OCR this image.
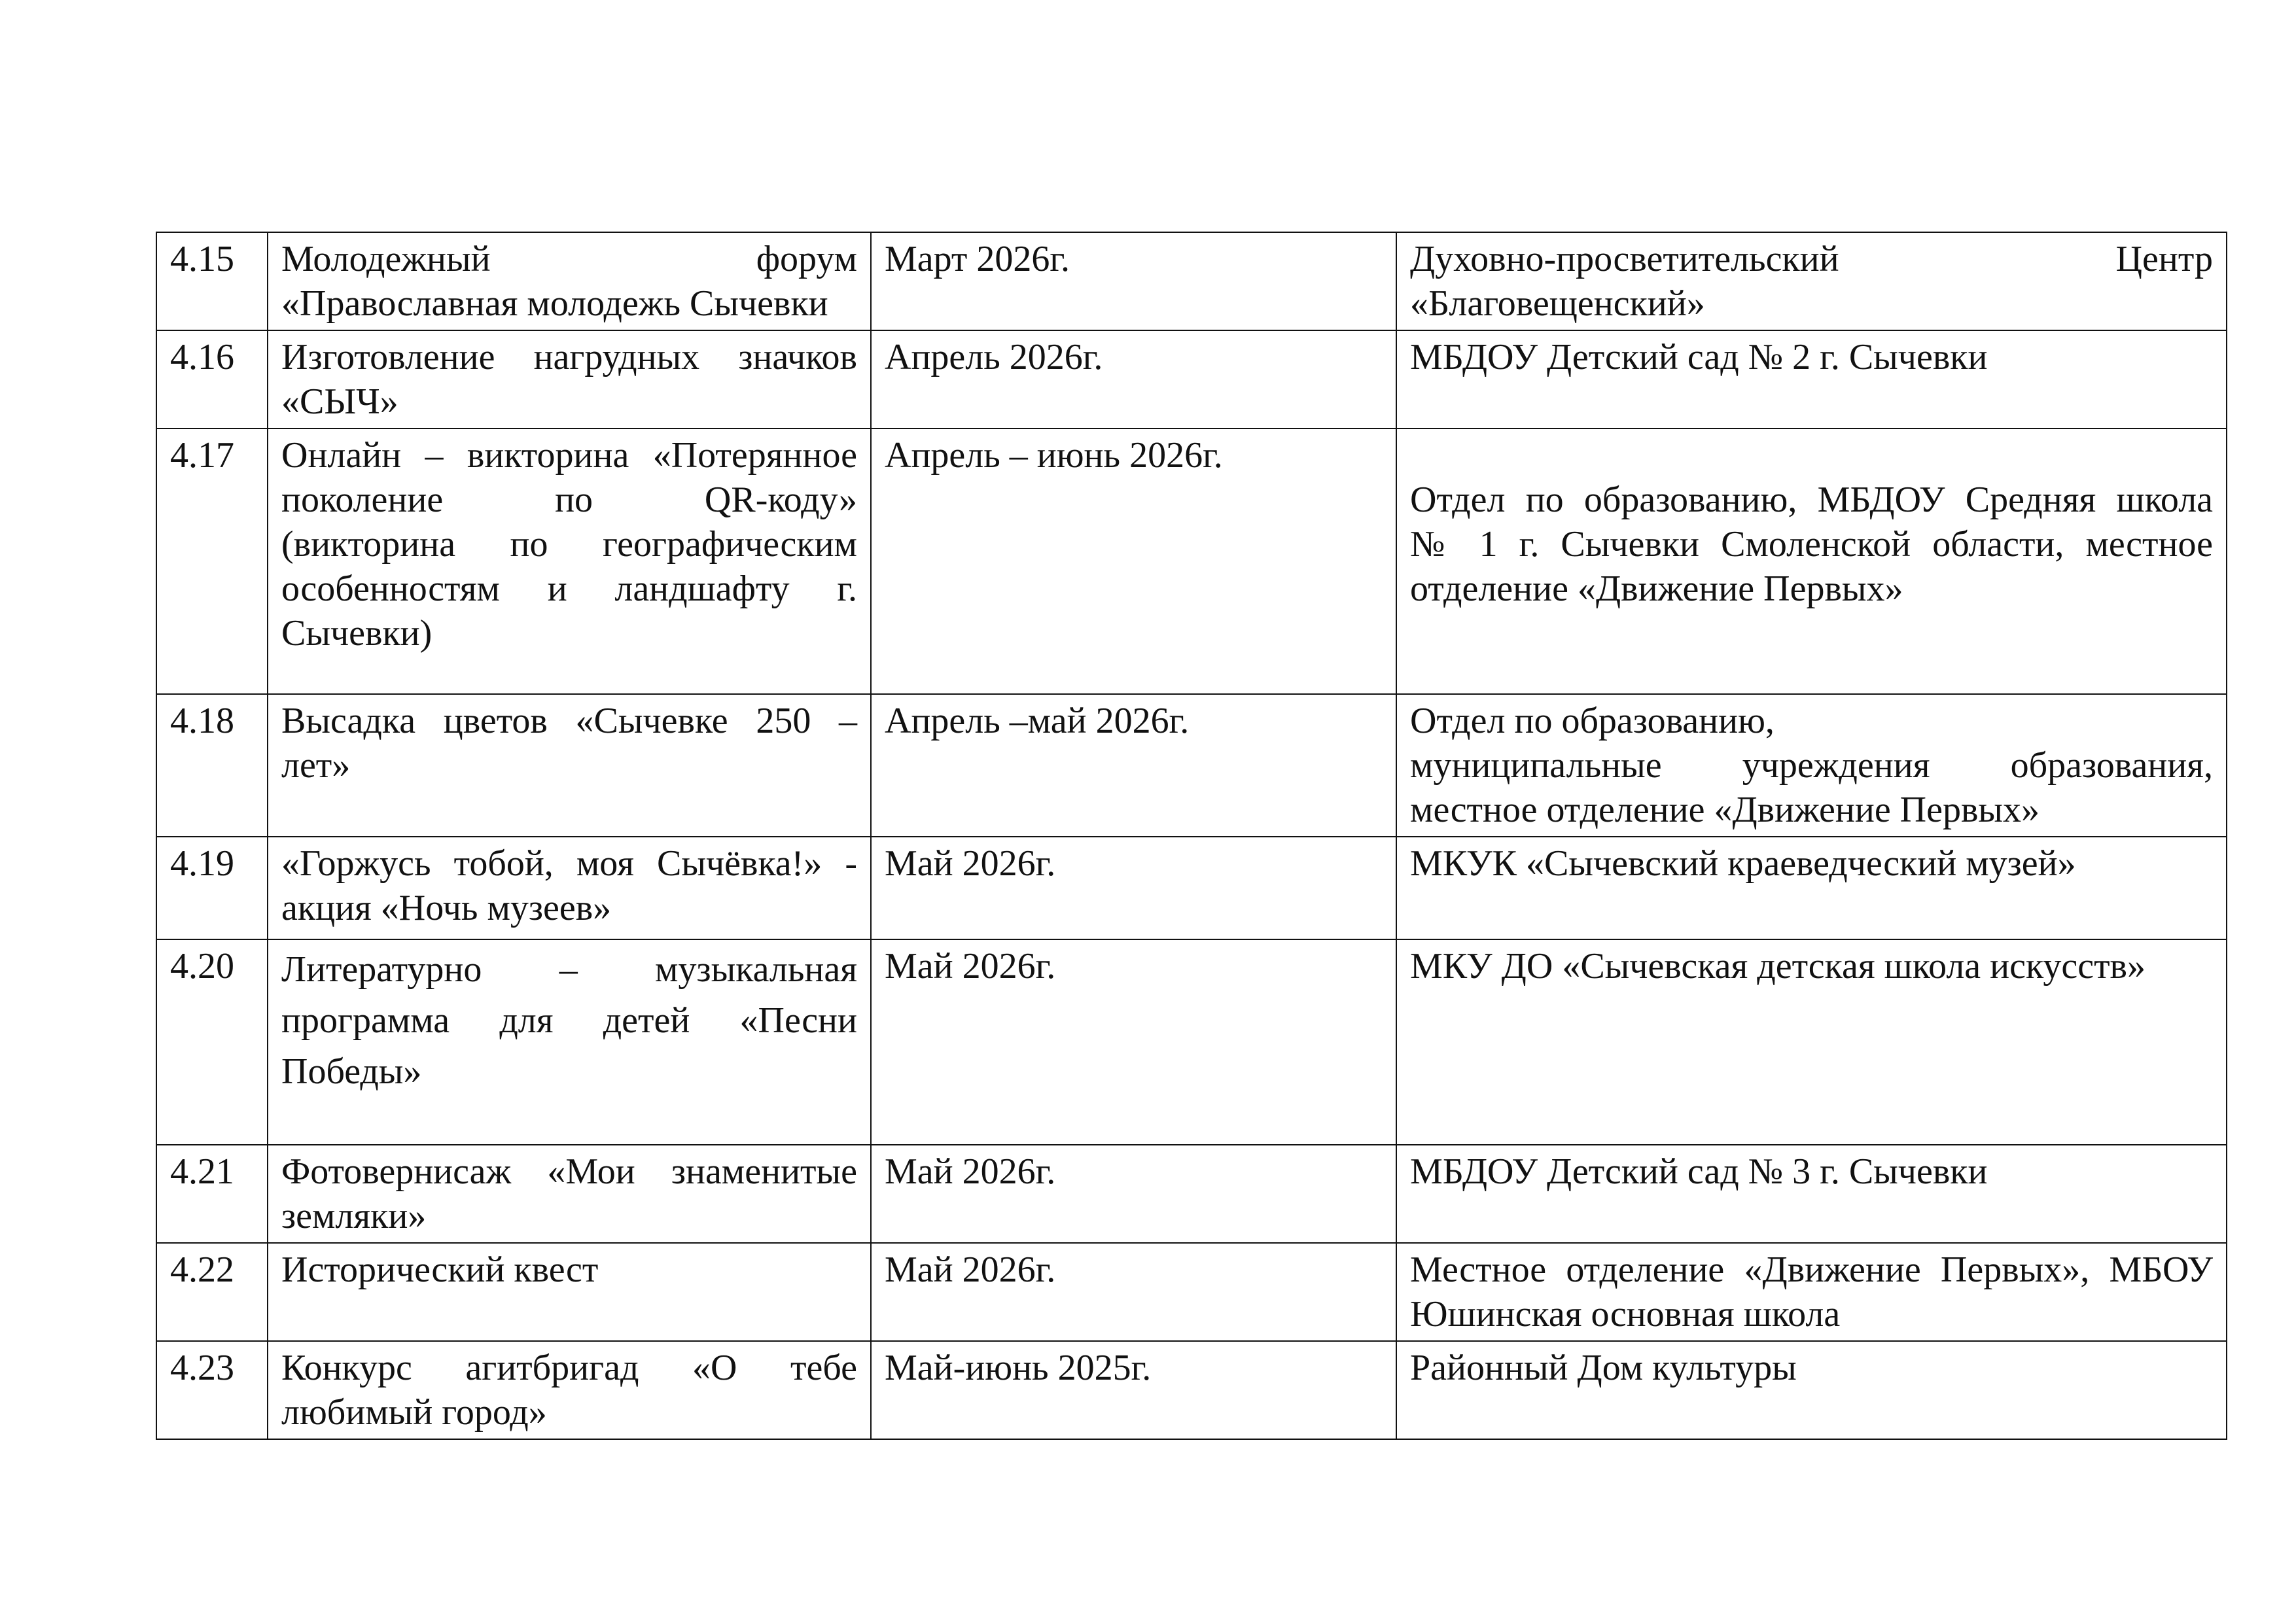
4.15	Молодежный форум
«Православная молодежь Сычевки	Март 2026г.	Духовно-просветительский Центр
«Благовещенский»

4.16	Изготовление нагрудных значков
«СЫЧ»	Апрель 2026г.	МБДОУ Детский сад № 2 г. Сычевки

4.17	Онлайн – викторина «Потерянное
поколение по QR-коду»
(викторина по географическим
особенностям и ландшафту г.
Сычевки)	Апрель – июнь 2026г.	Отдел по образованию, МБДОУ Средняя школа
№ 1 г. Сычевки Смоленской области, местное
отделение «Движение Первых»

4.18	Высадка цветов «Сычевке 250 –
лет»	Апрель –май 2026г.	Отдел по образованию,
муниципальные учреждения образования,
местное отделение «Движение Первых»

4.19	«Горжусь тобой, моя Сычёвка!» -
акция «Ночь музеев»	Май 2026г.	МКУК «Сычевский краеведческий музей»

4.20	Литературно – музыкальная
программа для детей «Песни
Победы»	Май 2026г.	МКУ ДО «Сычевская детская школа искусств»

4.21	Фотовернисаж «Мои знаменитые
земляки»	Май 2026г.	МБДОУ Детский сад № 3 г. Сычевки

4.22	Исторический квест	Май 2026г.	Местное отделение «Движение Первых», МБОУ
Юшинская основная школа

4.23	Конкурс агитбригад «О тебе
любимый город»	Май-июнь 2025г.	Районный Дом культуры
